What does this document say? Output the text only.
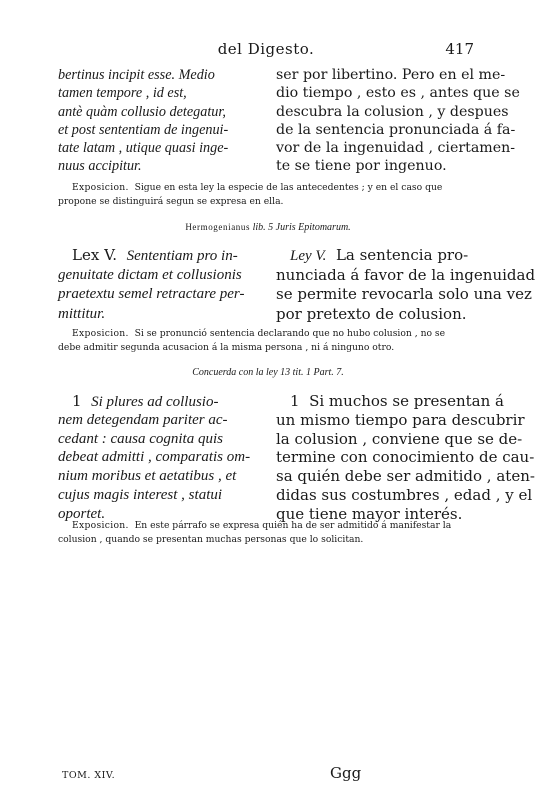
del Digesto.	417
bertinus incipit esse. Medio
tamen tempore , id est,
antè quàm collusio detegatur,
et post sententiam de ingenui-
tate latam , utique quasi inge-
nuus accipitur.
ser por libertino. Pero en el me-
dio tiempo , esto es , antes que se
descubra la colusion , y despues
de la sentencia pronunciada á fa-
vor de la ingenuidad , ciertamen-
te se tiene por ingenuo.
Exposicion. Sigue en esta ley la especie de las antecedentes ; y en el caso que
propone se distinguirá segun se expresa en ella.
Hermogenianus lib. 5 Juris Epitomarum.
Lex V. Sententiam pro in-
genuitate dictam et collusionis
praetextu semel retractare per-
mittitur.
Ley V. La sentencia pro-
nunciada á favor de la ingenuidad
se permite revocarla solo una vez
por pretexto de colusion.
Exposicion. Si se pronunció sentencia declarando que no hubo colusion , no se
debe admitir segunda acusacion á la misma persona , ni á ninguno otro.
Concuerda con la ley 13 tit. 1 Part. 7.
1 Si plures ad collusio-
nem detegendam pariter ac-
cedant : causa cognita quis
debeat admitti , comparatis om-
nium moribus et aetatibus , et
cujus magis interest , statui
oportet.
1 Si muchos se presentan á
un mismo tiempo para descubrir
la colusion , conviene que se de-
termine con conocimiento de cau-
sa quién debe ser admitido , aten-
didas sus costumbres , edad , y el
que tiene mayor interés.
Exposicion. En este párrafo se expresa quién ha de ser admitido á manifestar la
colusion , quando se presentan muchas personas que lo solicitan.
TOM. XIV.	Ggg
